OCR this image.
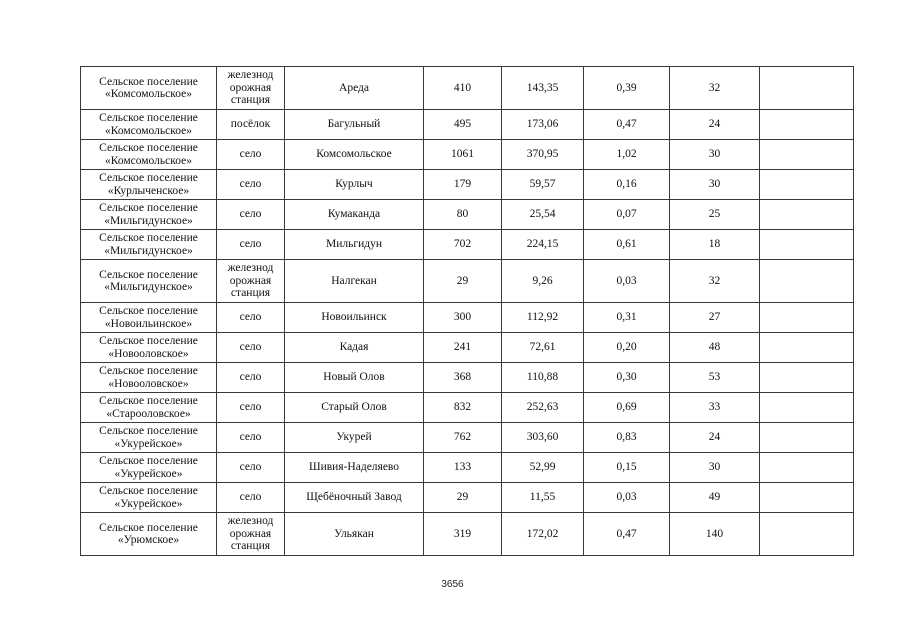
Сельское поселение
«Комсомольское»	железнод
орожная
станция	Ареда	410	143,35	0,39	32	

Сельское поселение
«Комсомольское»	посёлок	Багульный	495	173,06	0,47	24	

Сельское поселение
«Комсомольское»	село	Комсомольское	1061	370,95	1,02	30	

Сельское поселение
«Курлыченское»	село	Курлыч	179	59,57	0,16	30	

Сельское поселение
«Мильгидунское»	село	Кумаканда	80	25,54	0,07	25	

Сельское поселение
«Мильгидунское»	село	Мильгидун	702	224,15	0,61	18	

Сельское поселение
«Мильгидунское»	железнод
орожная
станция	Налгекан	29	9,26	0,03	32	

Сельское поселение
«Новоильинское»	село	Новоильинск	300	112,92	0,31	27	

Сельское поселение
«Новооловское»	село	Кадая	241	72,61	0,20	48	

Сельское поселение
«Новооловское»	село	Новый Олов	368	110,88	0,30	53	

Сельское поселение
«Старооловское»	село	Старый Олов	832	252,63	0,69	33	

Сельское поселение
«Укурейское»	село	Укурей	762	303,60	0,83	24	

Сельское поселение
«Укурейское»	село	Шивия-Наделяево	133	52,99	0,15	30	

Сельское поселение
«Укурейское»	село	Щебёночный Завод	29	11,55	0,03	49	

Сельское поселение
«Урюмское»	железнод
орожная
станция	Ульякан	319	172,02	0,47	140	
3656
